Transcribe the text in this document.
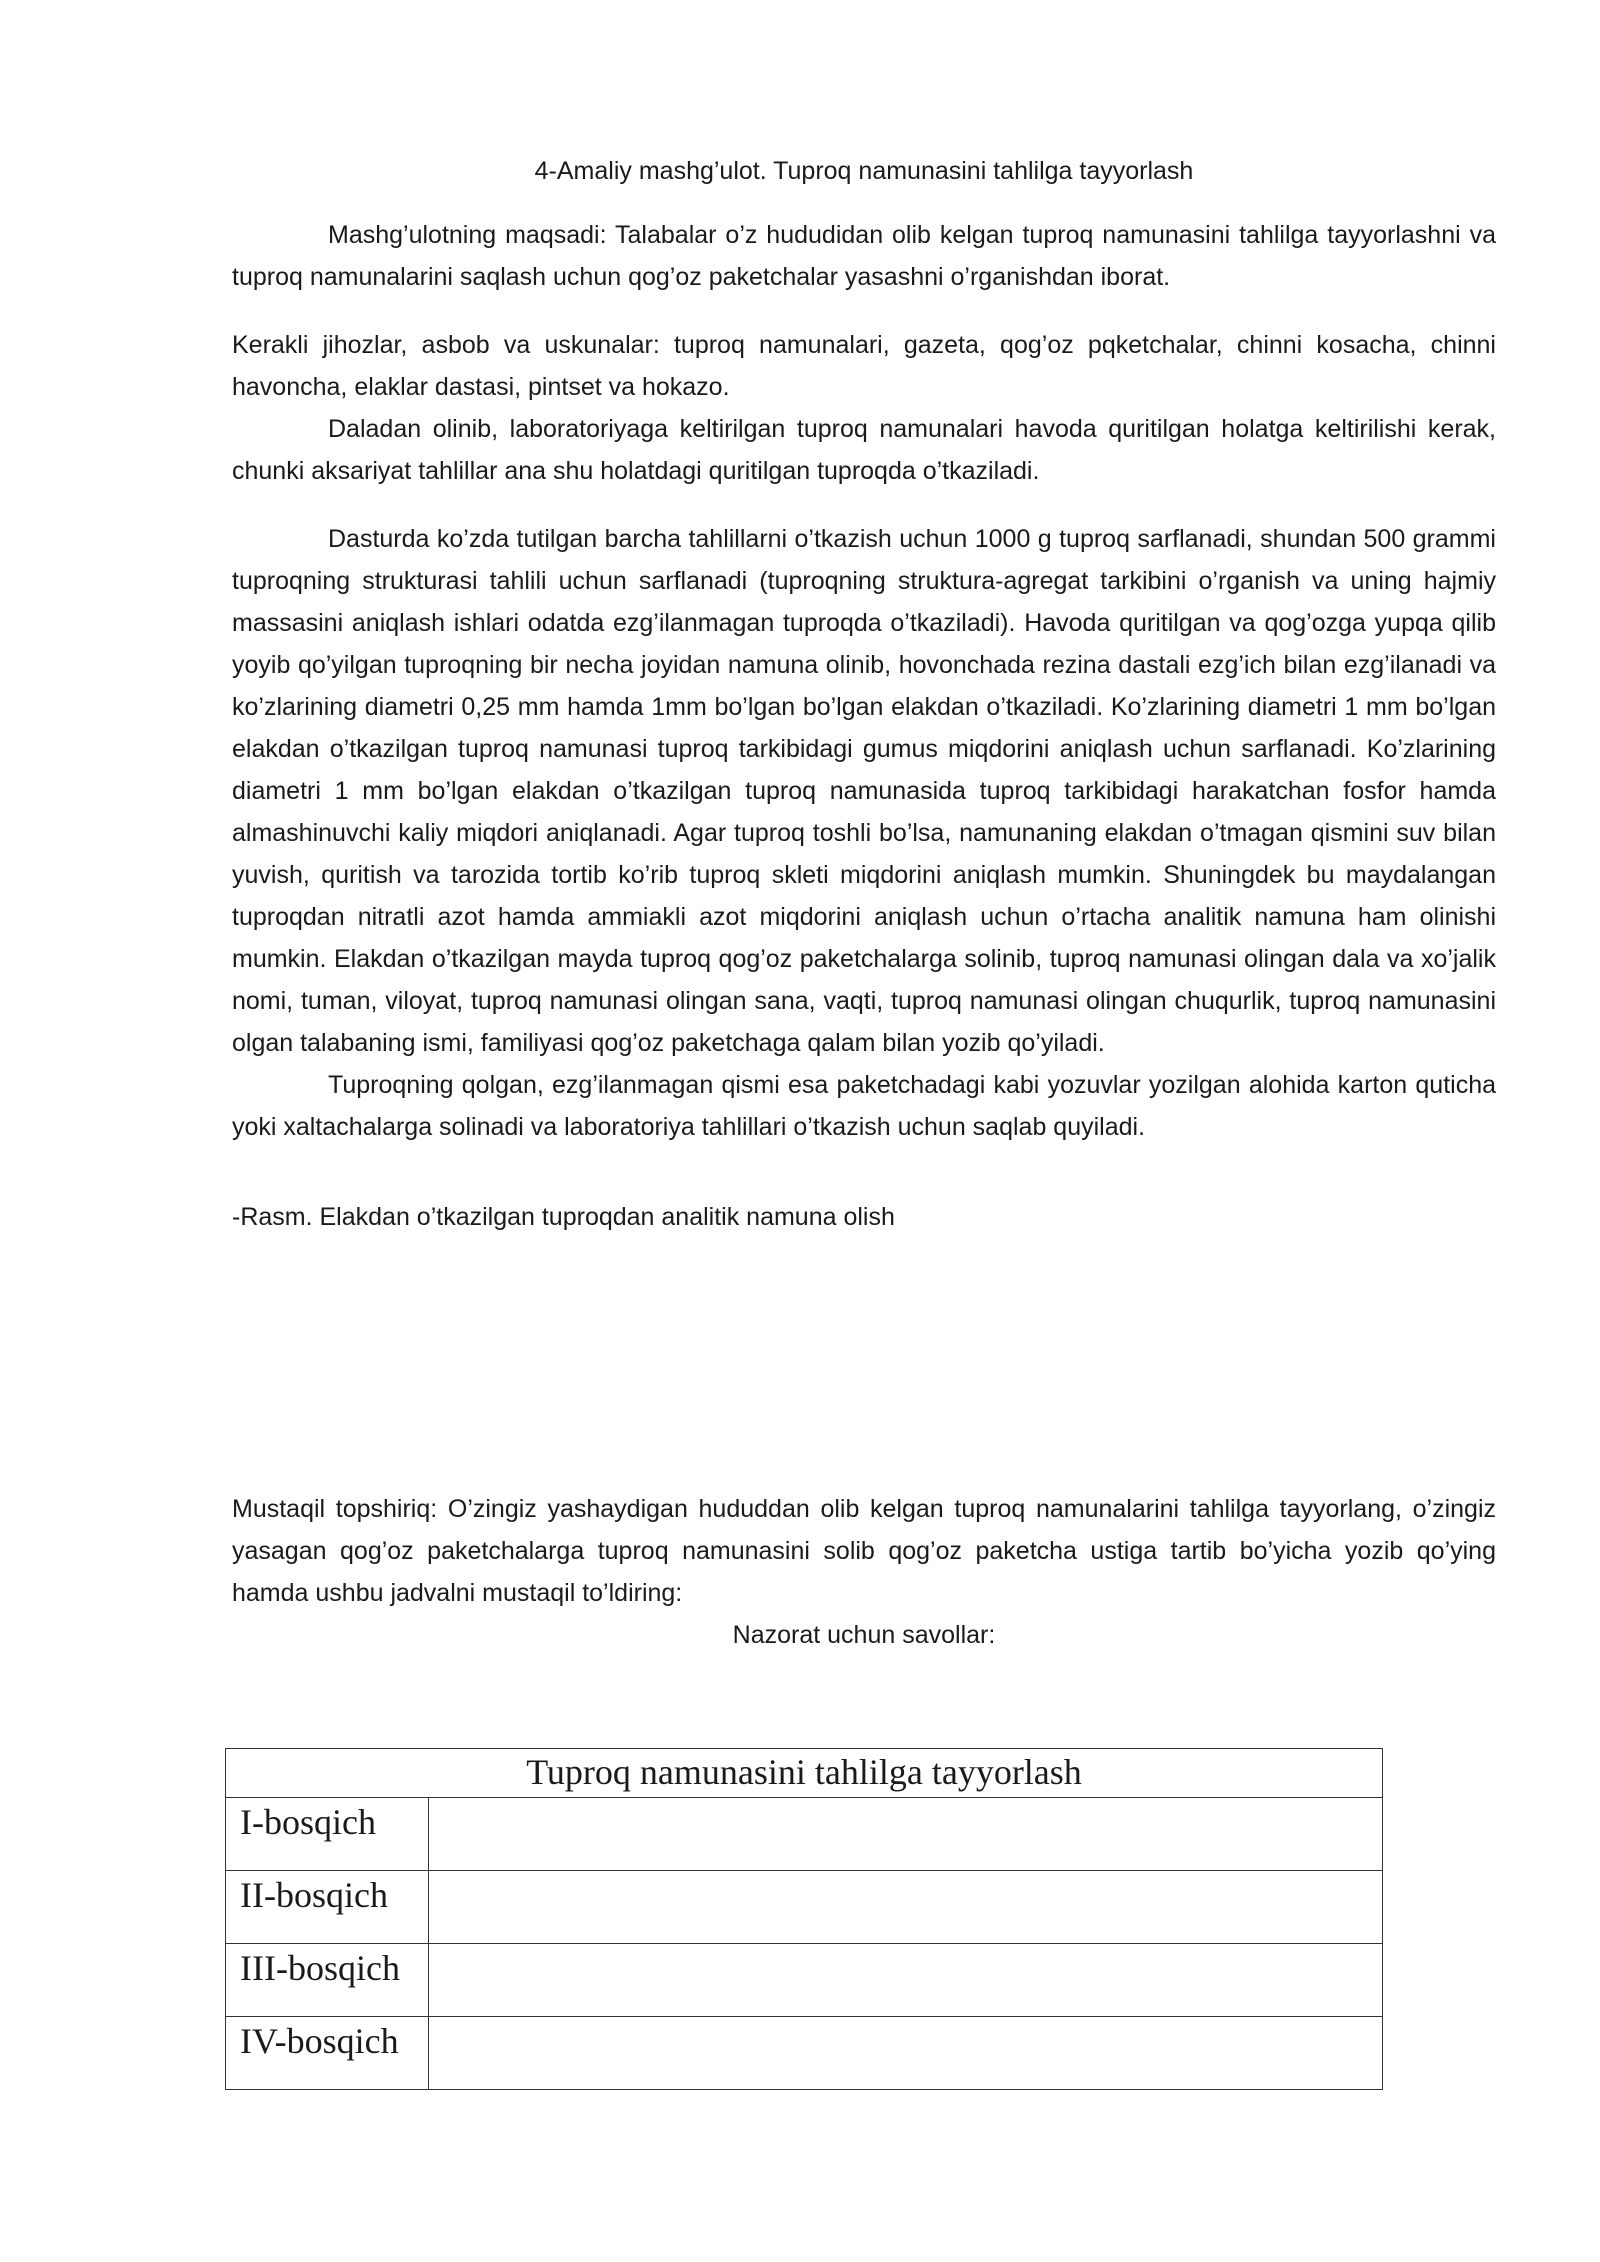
4-Amaliy mashg’ulot. Tuproq namunasini tahlilga tayyorlash

Mashg’ulotning maqsadi: Talabalar o’z hududidan olib kelgan tuproq namunasini tahlilga tayyorlashni va tuproq namunalarini saqlash uchun qog’oz paketchalar yasashni o’rganishdan iborat.

Kerakli jihozlar, asbob va uskunalar: tuproq namunalari, gazeta, qog’oz pqketchalar, chinni kosacha, chinni havoncha, elaklar dastasi, pintset va hokazo.

Daladan olinib, laboratoriyaga keltirilgan tuproq namunalari havoda quritilgan holatga keltirilishi kerak, chunki aksariyat tahlillar ana shu holatdagi quritilgan tuproqda o’tkaziladi.

Dasturda ko’zda tutilgan barcha tahlillarni o’tkazish uchun 1000 g tuproq sarflanadi, shundan 500 grammi tuproqning strukturasi tahlili uchun sarflanadi (tuproqning struktura-agregat tarkibini o’rganish va uning hajmiy massasini aniqlash ishlari odatda ezg’ilanmagan tuproqda o’tkaziladi). Havoda quritilgan va qog’ozga yupqa qilib yoyib qo’yilgan tuproqning bir necha joyidan namuna olinib, hovonchada rezina dastali ezg’ich bilan ezg’ilanadi va ko’zlarining diametri 0,25 mm hamda 1mm bo’lgan bo’lgan elakdan o’tkaziladi. Ko’zlarining diametri 1 mm bo’lgan elakdan o’tkazilgan tuproq namunasi tuproq tarkibidagi gumus miqdorini aniqlash uchun sarflanadi. Ko’zlarining diametri 1 mm bo’lgan elakdan o’tkazilgan tuproq namunasida tuproq tarkibidagi harakatchan fosfor hamda almashinuvchi kaliy miqdori aniqlanadi. Agar tuproq toshli bo’lsa, namunaning elakdan o’tmagan qismini suv bilan yuvish, quritish va tarozida tortib ko’rib tuproq skleti miqdorini aniqlash mumkin. Shuningdek bu maydalangan tuproqdan nitratli azot hamda ammiakli azot miqdorini aniqlash uchun o’rtacha analitik namuna ham olinishi mumkin. Elakdan o’tkazilgan mayda tuproq qog’oz paketchalarga solinib, tuproq namunasi olingan dala va xo’jalik nomi, tuman, viloyat, tuproq namunasi olingan sana, vaqti, tuproq namunasi olingan chuqurlik, tuproq namunasini olgan talabaning ismi, familiyasi qog’oz paketchaga qalam bilan yozib qo’yiladi.

Tuproqning qolgan, ezg’ilanmagan qismi esa paketchadagi kabi yozuvlar yozilgan alohida karton quticha yoki xaltachalarga solinadi va laboratoriya tahlillari o’tkazish uchun saqlab quyiladi.

-Rasm. Elakdan o’tkazilgan tuproqdan analitik namuna olish

Mustaqil topshiriq: O’zingiz yashaydigan hududdan olib kelgan tuproq namunalarini tahlilga tayyorlang, o’zingiz yasagan qog’oz paketchalarga tuproq namunasini solib qog’oz paketcha ustiga tartib bo’yicha yozib qo’ying hamda ushbu jadvalni mustaqil to’ldiring:

Nazorat uchun savollar:

Tuproq namunasini tahlilga tayyorlash	
I-bosqich	
II-bosqich	
III-bosqich	
IV-bosqich	
